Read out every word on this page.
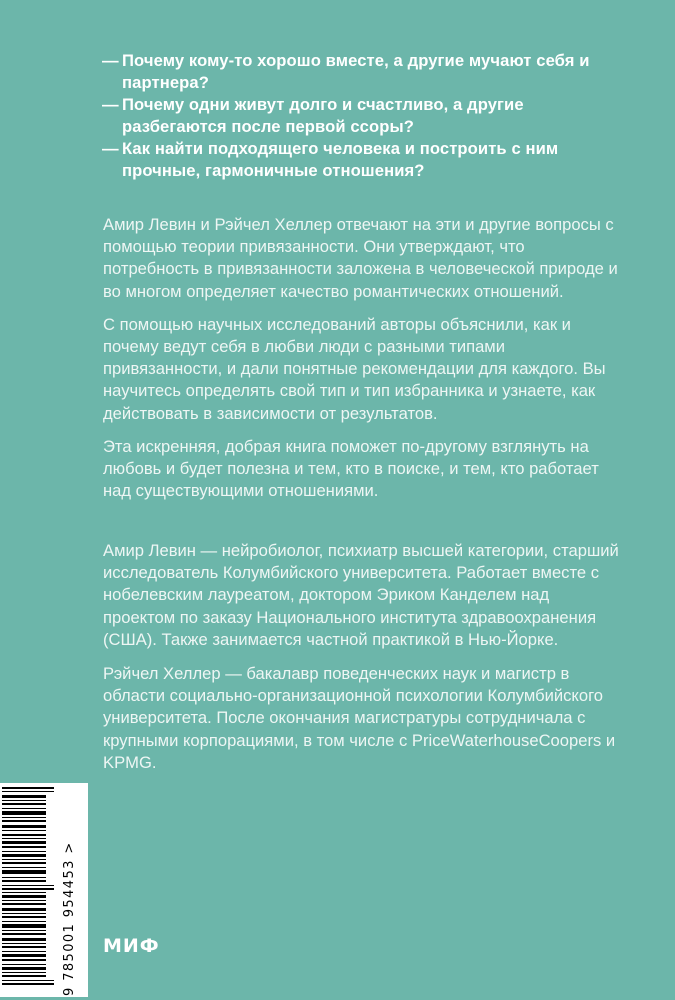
— Почему кому-то хорошо вместе, а другие мучают себя и партнера?
— Почему одни живут долго и счастливо, а другие разбегаются после первой ссоры?
— Как найти подходящего человека и построить с ним прочные, гармоничные отношения?

Амир Левин и Рэйчел Хеллер отвечают на эти и другие вопросы с помощью теории привязанности. Они утверждают, что потребность в привязанности заложена в человеческой природе и во многом определяет качество романтических отношений.

С помощью научных исследований авторы объяснили, как и почему ведут себя в любви люди с разными типами привязанности, и дали понятные рекомендации для каждого. Вы научитесь определять свой тип и тип избранника и узнаете, как действовать в зависимости от результатов.

Эта искренняя, добрая книга поможет по-другому взглянуть на любовь и будет полезна и тем, кто в поиске, и тем, кто работает над существующими отношениями.

Амир Левин — нейробиолог, психиатр высшей категории, старший исследователь Колумбийского университета. Работает вместе с нобелевским лауреатом, доктором Эриком Канделем над проектом по заказу Национального института здравоохранения (США). Также занимается частной практикой в Нью-Йорке.

Рэйчел Хеллер — бакалавр поведенческих наук и магистр в области социально-организационной психологии Колумбийского университета. После окончания магистратуры сотрудничала с крупными корпорациями, в том числе с PriceWaterhouseCoopers и KPMG.

9 785001 954453 > МИФ
